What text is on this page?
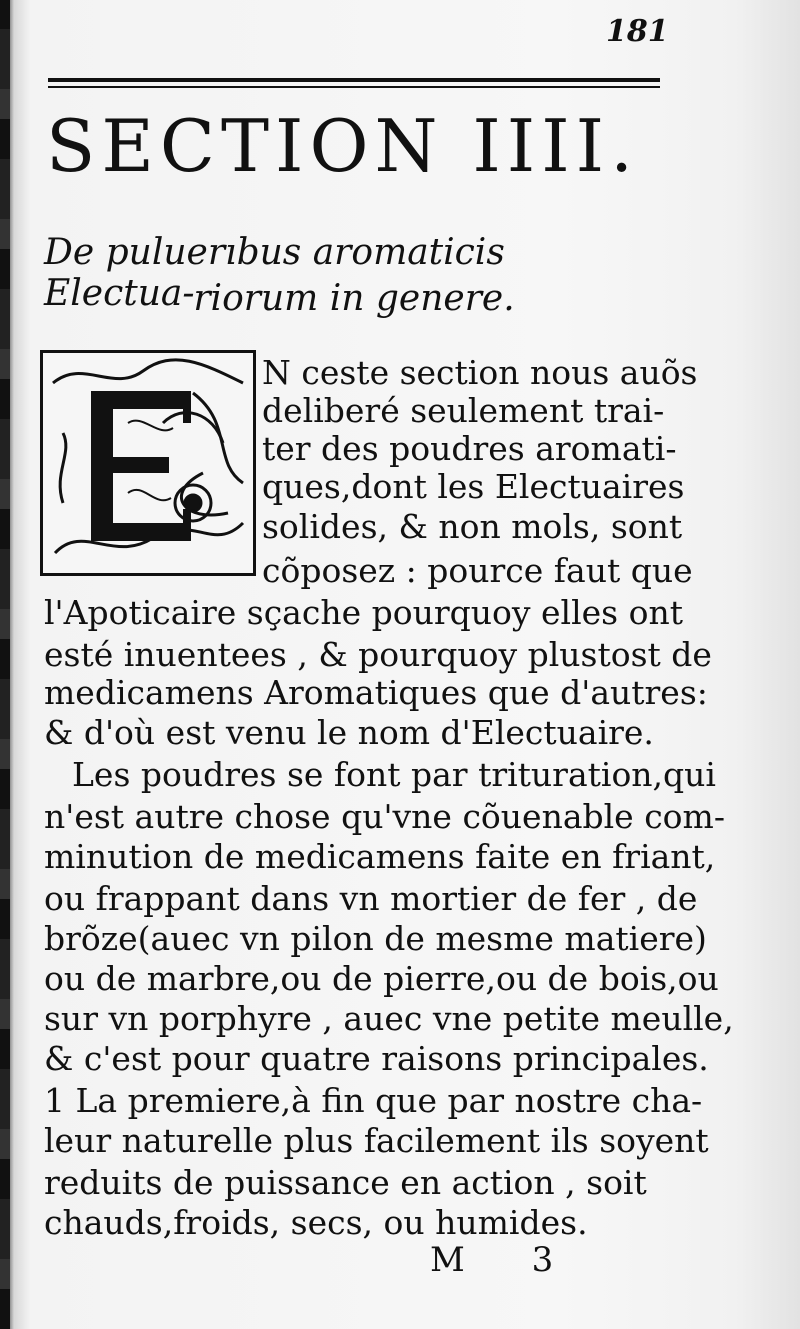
181
SECTION IIII.

De puluerıbus aromaticis Electua-

riorum in genere.

N ceste section nous auõs
deliberé seulement trai-
ter des poudres aromati-
ques,dont les Electuaires
solides, & non mols, sont
cõposez : pource faut que
l'Apoticaire sçache pourquoy elles ont
esté inuentees , & pourquoy plustost de
medicamens Aromatiques que d'autres:
& d'où est venu le nom d'Electuaire.
Les poudres se font par trituration,qui
n'est autre chose qu'vne cõuenable com-
minution de medicamens faite en friant,
ou frappant dans vn mortier de fer , de
brõze(auec vn pilon de mesme matiere)
ou de marbre,ou de pierre,ou de bois,ou
sur vn porphyre , auec vne petite meulle,
& c'est pour quatre raisons principales.
1 La premiere,à fin que par nostre cha-
leur naturelle plus facilement ils soyent
reduits de puissance en action , soit
chauds,froids, secs, ou humides.
M 3
